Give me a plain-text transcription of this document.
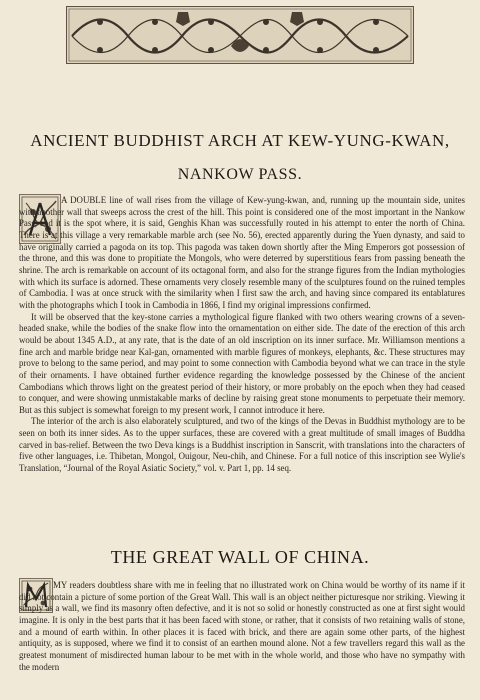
ANCIENT BUDDHIST ARCH AT KEW-YUNG-KWAN,
NANKOW PASS.

A DOUBLE line of wall rises from the village of Kew-yung-kwan, and, running up the mountain side, unites with another wall that sweeps across the crest of the hill. This point is considered one of the most important in the Nankow Pass, and it is the spot where, it is said, Genghis Khan was successfully routed in his attempt to enter the north of China. There is at this village a very remarkable marble arch (see No. 56), erected apparently during the Yuen dynasty, and said to have originally carried a pagoda on its top. This pagoda was taken down shortly after the Ming Emperors got possession of the throne, and this was done to propitiate the Mongols, who were deterred by superstitious fears from passing beneath the shrine. The arch is remarkable on account of its octagonal form, and also for the strange figures from the Indian mythologies with which its surface is adorned. These ornaments very closely resemble many of the sculptures found on the ruined temples of Cambodia. I was at once struck with the similarity when I first saw the arch, and having since compared its entablatures with the photographs which I took in Cambodia in 1866, I find my original impressions confirmed.

It will be observed that the key-stone carries a mythological figure flanked with two others wearing crowns of a seven-headed snake, while the bodies of the snake flow into the ornamentation on either side. The date of the erection of this arch would be about 1345 A.D., at any rate, that is the date of an old inscription on its inner surface. Mr. Williamson mentions a fine arch and marble bridge near Kal-gan, ornamented with marble figures of monkeys, elephants, &c. These structures may prove to belong to the same period, and may point to some connection with Cambodia beyond what we can trace in the style of their ornaments. I have obtained further evidence regarding the knowledge possessed by the Chinese of the ancient Cambodians which throws light on the greatest period of their history, or more probably on the epoch when they had ceased to conquer, and were showing unmistakable marks of decline by raising great stone monuments to perpetuate their memory. But as this subject is somewhat foreign to my present work, I cannot introduce it here.

The interior of the arch is also elaborately sculptured, and two of the kings of the Devas in Buddhist mythology are to be seen on both its inner sides. As to the upper surfaces, these are covered with a great multitude of small images of Buddha carved in bas-relief. Between the two Deva kings is a Buddhist inscription in Sanscrit, with translations into the characters of five other languages, i.e. Thibetan, Mongol, Ouigour, Neu-chih, and Chinese. For a full notice of this inscription see Wylie's Translation, “Journal of the Royal Asiatic Society,” vol. v. Part 1, pp. 14 seq.

THE GREAT WALL OF CHINA.

MY readers doubtless share with me in feeling that no illustrated work on China would be worthy of its name if it did not contain a picture of some portion of the Great Wall. This wall is an object neither picturesque nor striking. Viewing it simply as a wall, we find its masonry often defective, and it is not so solid or honestly constructed as one at first sight would imagine. It is only in the best parts that it has been faced with stone, or rather, that it consists of two retaining walls of stone, and a mound of earth within. In other places it is faced with brick, and there are again some other parts, of the highest antiquity, as is supposed, where we find it to consist of an earthen mound alone. Not a few travellers regard this wall as the greatest monument of misdirected human labour to be met with in the whole world, and those who have no sympathy with the modern
